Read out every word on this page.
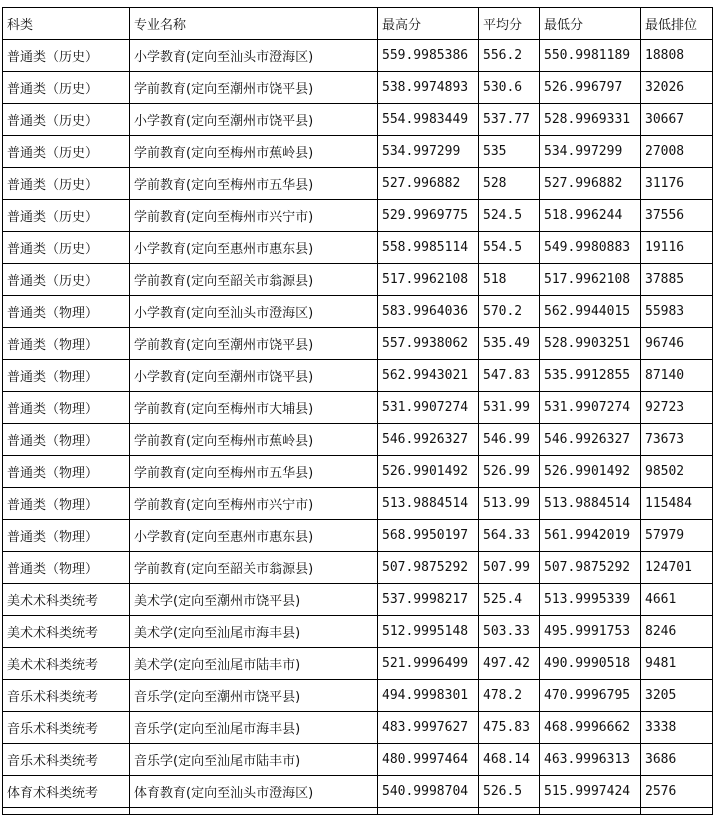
科类	专业名称	最高分	平均分	最低分	最低排位
普通类（历史）	小学教育(定向至汕头市澄海区)	559.9985386	556.2	550.9981189	18808
普通类（历史）	学前教育(定向至潮州市饶平县)	538.9974893	530.6	526.996797	32026
普通类（历史）	小学教育(定向至潮州市饶平县)	554.9983449	537.77	528.9969331	30667
普通类（历史）	学前教育(定向至梅州市蕉岭县)	534.997299	535	534.997299	27008
普通类（历史）	学前教育(定向至梅州市五华县)	527.996882	528	527.996882	31176
普通类（历史）	学前教育(定向至梅州市兴宁市)	529.9969775	524.5	518.996244	37556
普通类（历史）	小学教育(定向至惠州市惠东县)	558.9985114	554.5	549.9980883	19116
普通类（历史）	学前教育(定向至韶关市翁源县)	517.9962108	518	517.9962108	37885
普通类（物理）	小学教育(定向至汕头市澄海区)	583.9964036	570.2	562.9944015	55983
普通类（物理）	学前教育(定向至潮州市饶平县)	557.9938062	535.49	528.9903251	96746
普通类（物理）	小学教育(定向至潮州市饶平县)	562.9943021	547.83	535.9912855	87140
普通类（物理）	学前教育(定向至梅州市大埔县)	531.9907274	531.99	531.9907274	92723
普通类（物理）	学前教育(定向至梅州市蕉岭县)	546.9926327	546.99	546.9926327	73673
普通类（物理）	学前教育(定向至梅州市五华县)	526.9901492	526.99	526.9901492	98502
普通类（物理）	学前教育(定向至梅州市兴宁市)	513.9884514	513.99	513.9884514	115484
普通类（物理）	小学教育(定向至惠州市惠东县)	568.9950197	564.33	561.9942019	57979
普通类（物理）	学前教育(定向至韶关市翁源县)	507.9875292	507.99	507.9875292	124701
美术术科类统考	美术学(定向至潮州市饶平县)	537.9998217	525.4	513.9995339	4661
美术术科类统考	美术学(定向至汕尾市海丰县)	512.9995148	503.33	495.9991753	8246
美术术科类统考	美术学(定向至汕尾市陆丰市)	521.9996499	497.42	490.9990518	9481
音乐术科类统考	音乐学(定向至潮州市饶平县)	494.9998301	478.2	470.9996795	3205
音乐术科类统考	音乐学(定向至汕尾市海丰县)	483.9997627	475.83	468.9996662	3338
音乐术科类统考	音乐学(定向至汕尾市陆丰市)	480.9997464	468.14	463.9996313	3686
体育术科类统考	体育教育(定向至汕头市澄海区)	540.9998704	526.5	515.9997424	2576
